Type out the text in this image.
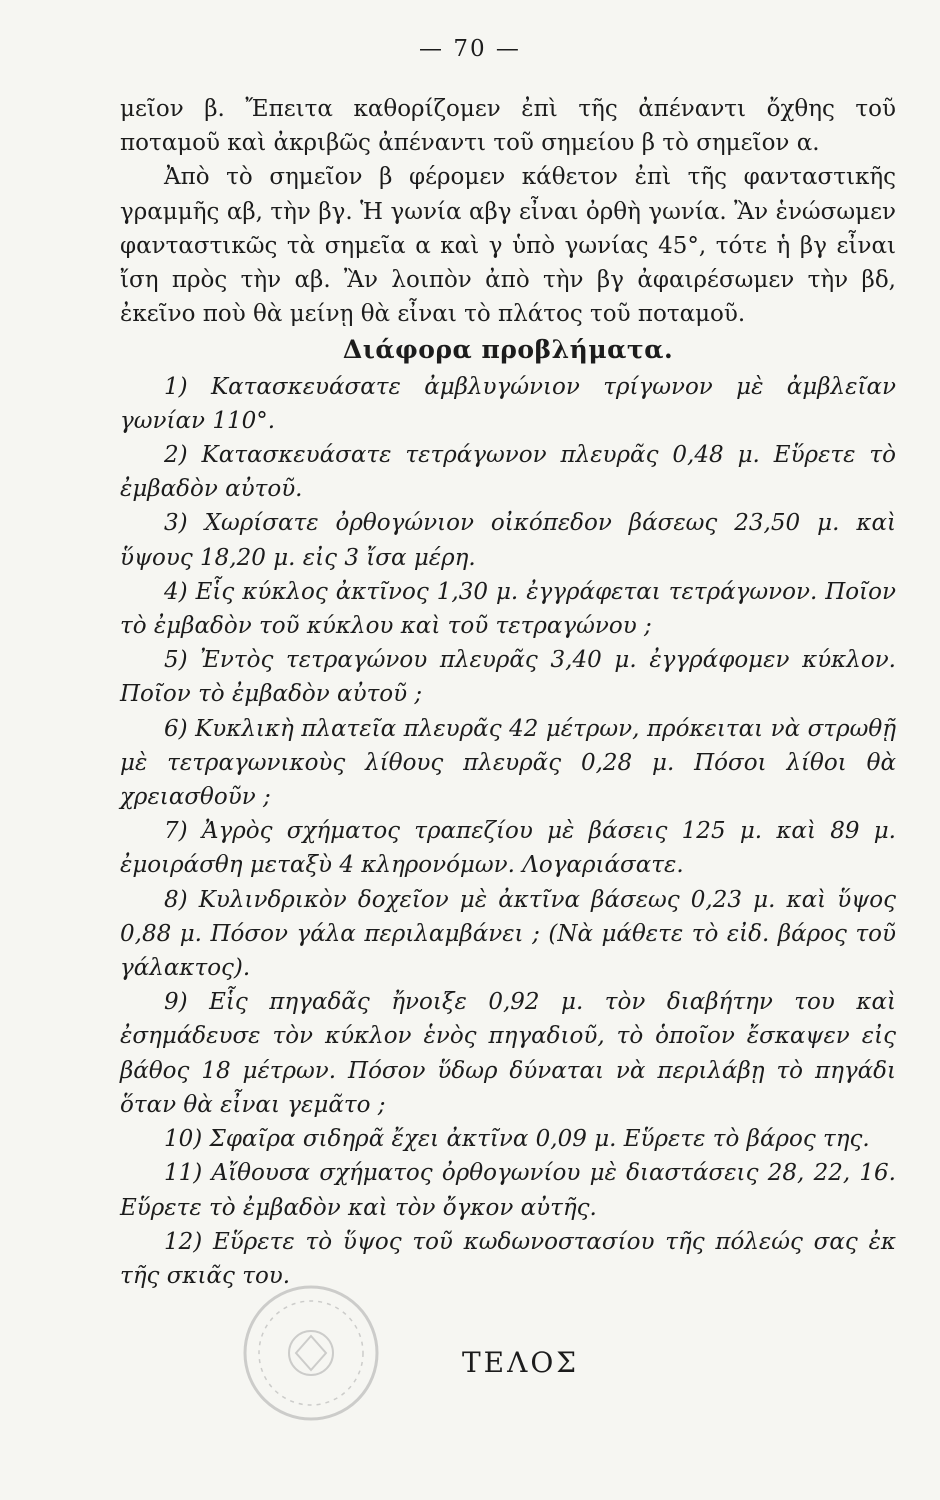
— 70 —

μεῖον β. Ἔπειτα καθορίζομεν ἐπὶ τῆς ἀπέναντι ὄχθης τοῦ ποταμοῦ καὶ ἀκριβῶς ἀπέναντι τοῦ σημείου β τὸ σημεῖον α.

Ἀπὸ τὸ σημεῖον β φέρομεν κάθετον ἐπὶ τῆς φανταστικῆς γραμμῆς αβ, τὴν βγ. Ἡ γωνία αβγ εἶναι ὀρθὴ γωνία. Ἂν ἑνώσωμεν φανταστικῶς τὰ σημεῖα α καὶ γ ὑπὸ γωνίας 45°, τότε ἡ βγ εἶναι ἴση πρὸς τὴν αβ. Ἂν λοιπὸν ἀπὸ τὴν βγ ἀφαιρέσωμεν τὴν βδ, ἐκεῖνο ποὺ θὰ μείνῃ θὰ εἶναι τὸ πλάτος τοῦ ποταμοῦ.

Διάφορα προβλήματα.

1) Κατασκευάσατε ἀμβλυγώνιον τρίγωνον μὲ ἀμβλεῖαν γωνίαν 110°.

2) Κατασκευάσατε τετράγωνον πλευρᾶς 0,48 μ. Εὕρετε τὸ ἐμβαδὸν αὐτοῦ.

3) Χωρίσατε ὀρθογώνιον οἰκόπεδον βάσεως 23,50 μ. καὶ ὕψους 18,20 μ. εἰς 3 ἴσα μέρη.

4) Εἷς κύκλος ἀκτῖνος 1,30 μ. ἐγγράφεται τετράγωνον. Ποῖον τὸ ἐμβαδὸν τοῦ κύκλου καὶ τοῦ τετραγώνου ;

5) Ἐντὸς τετραγώνου πλευρᾶς 3,40 μ. ἐγγράφομεν κύκλον. Ποῖον τὸ ἐμβαδὸν αὐτοῦ ;

6) Κυκλικὴ πλατεῖα πλευρᾶς 42 μέτρων, πρόκειται νὰ στρωθῇ μὲ τετραγωνικοὺς λίθους πλευρᾶς 0,28 μ. Πόσοι λίθοι θὰ χρειασθοῦν ;

7) Ἀγρὸς σχήματος τραπεζίου μὲ βάσεις 125 μ. καὶ 89 μ. ἐμοιράσθη μεταξὺ 4 κληρονόμων. Λογαριάσατε.

8) Κυλινδρικὸν δοχεῖον μὲ ἀκτῖνα βάσεως 0,23 μ. καὶ ὕψος 0,88 μ. Πόσον γάλα περιλαμβάνει ; (Νὰ μάθετε τὸ εἰδ. βάρος τοῦ γάλακτος).

9) Εἷς πηγαδᾶς ἤνοιξε 0,92 μ. τὸν διαβήτην του καὶ ἐσημάδευσε τὸν κύκλον ἑνὸς πηγαδιοῦ, τὸ ὁποῖον ἔσκαψεν εἰς βάθος 18 μέτρων. Πόσον ὕδωρ δύναται νὰ περιλάβῃ τὸ πηγάδι ὅταν θὰ εἶναι γεμᾶτο ;

10) Σφαῖρα σιδηρᾶ ἔχει ἀκτῖνα 0,09 μ. Εὕρετε τὸ βάρος της.

11) Αἴθουσα σχήματος ὀρθογωνίου μὲ διαστάσεις 28, 22, 16. Εὕρετε τὸ ἐμβαδὸν καὶ τὸν ὄγκον αὐτῆς.

12) Εὕρετε τὸ ὕψος τοῦ κωδωνοστασίου τῆς πόλεώς σας ἐκ τῆς σκιᾶς του.

ΤΕΛΟΣ
